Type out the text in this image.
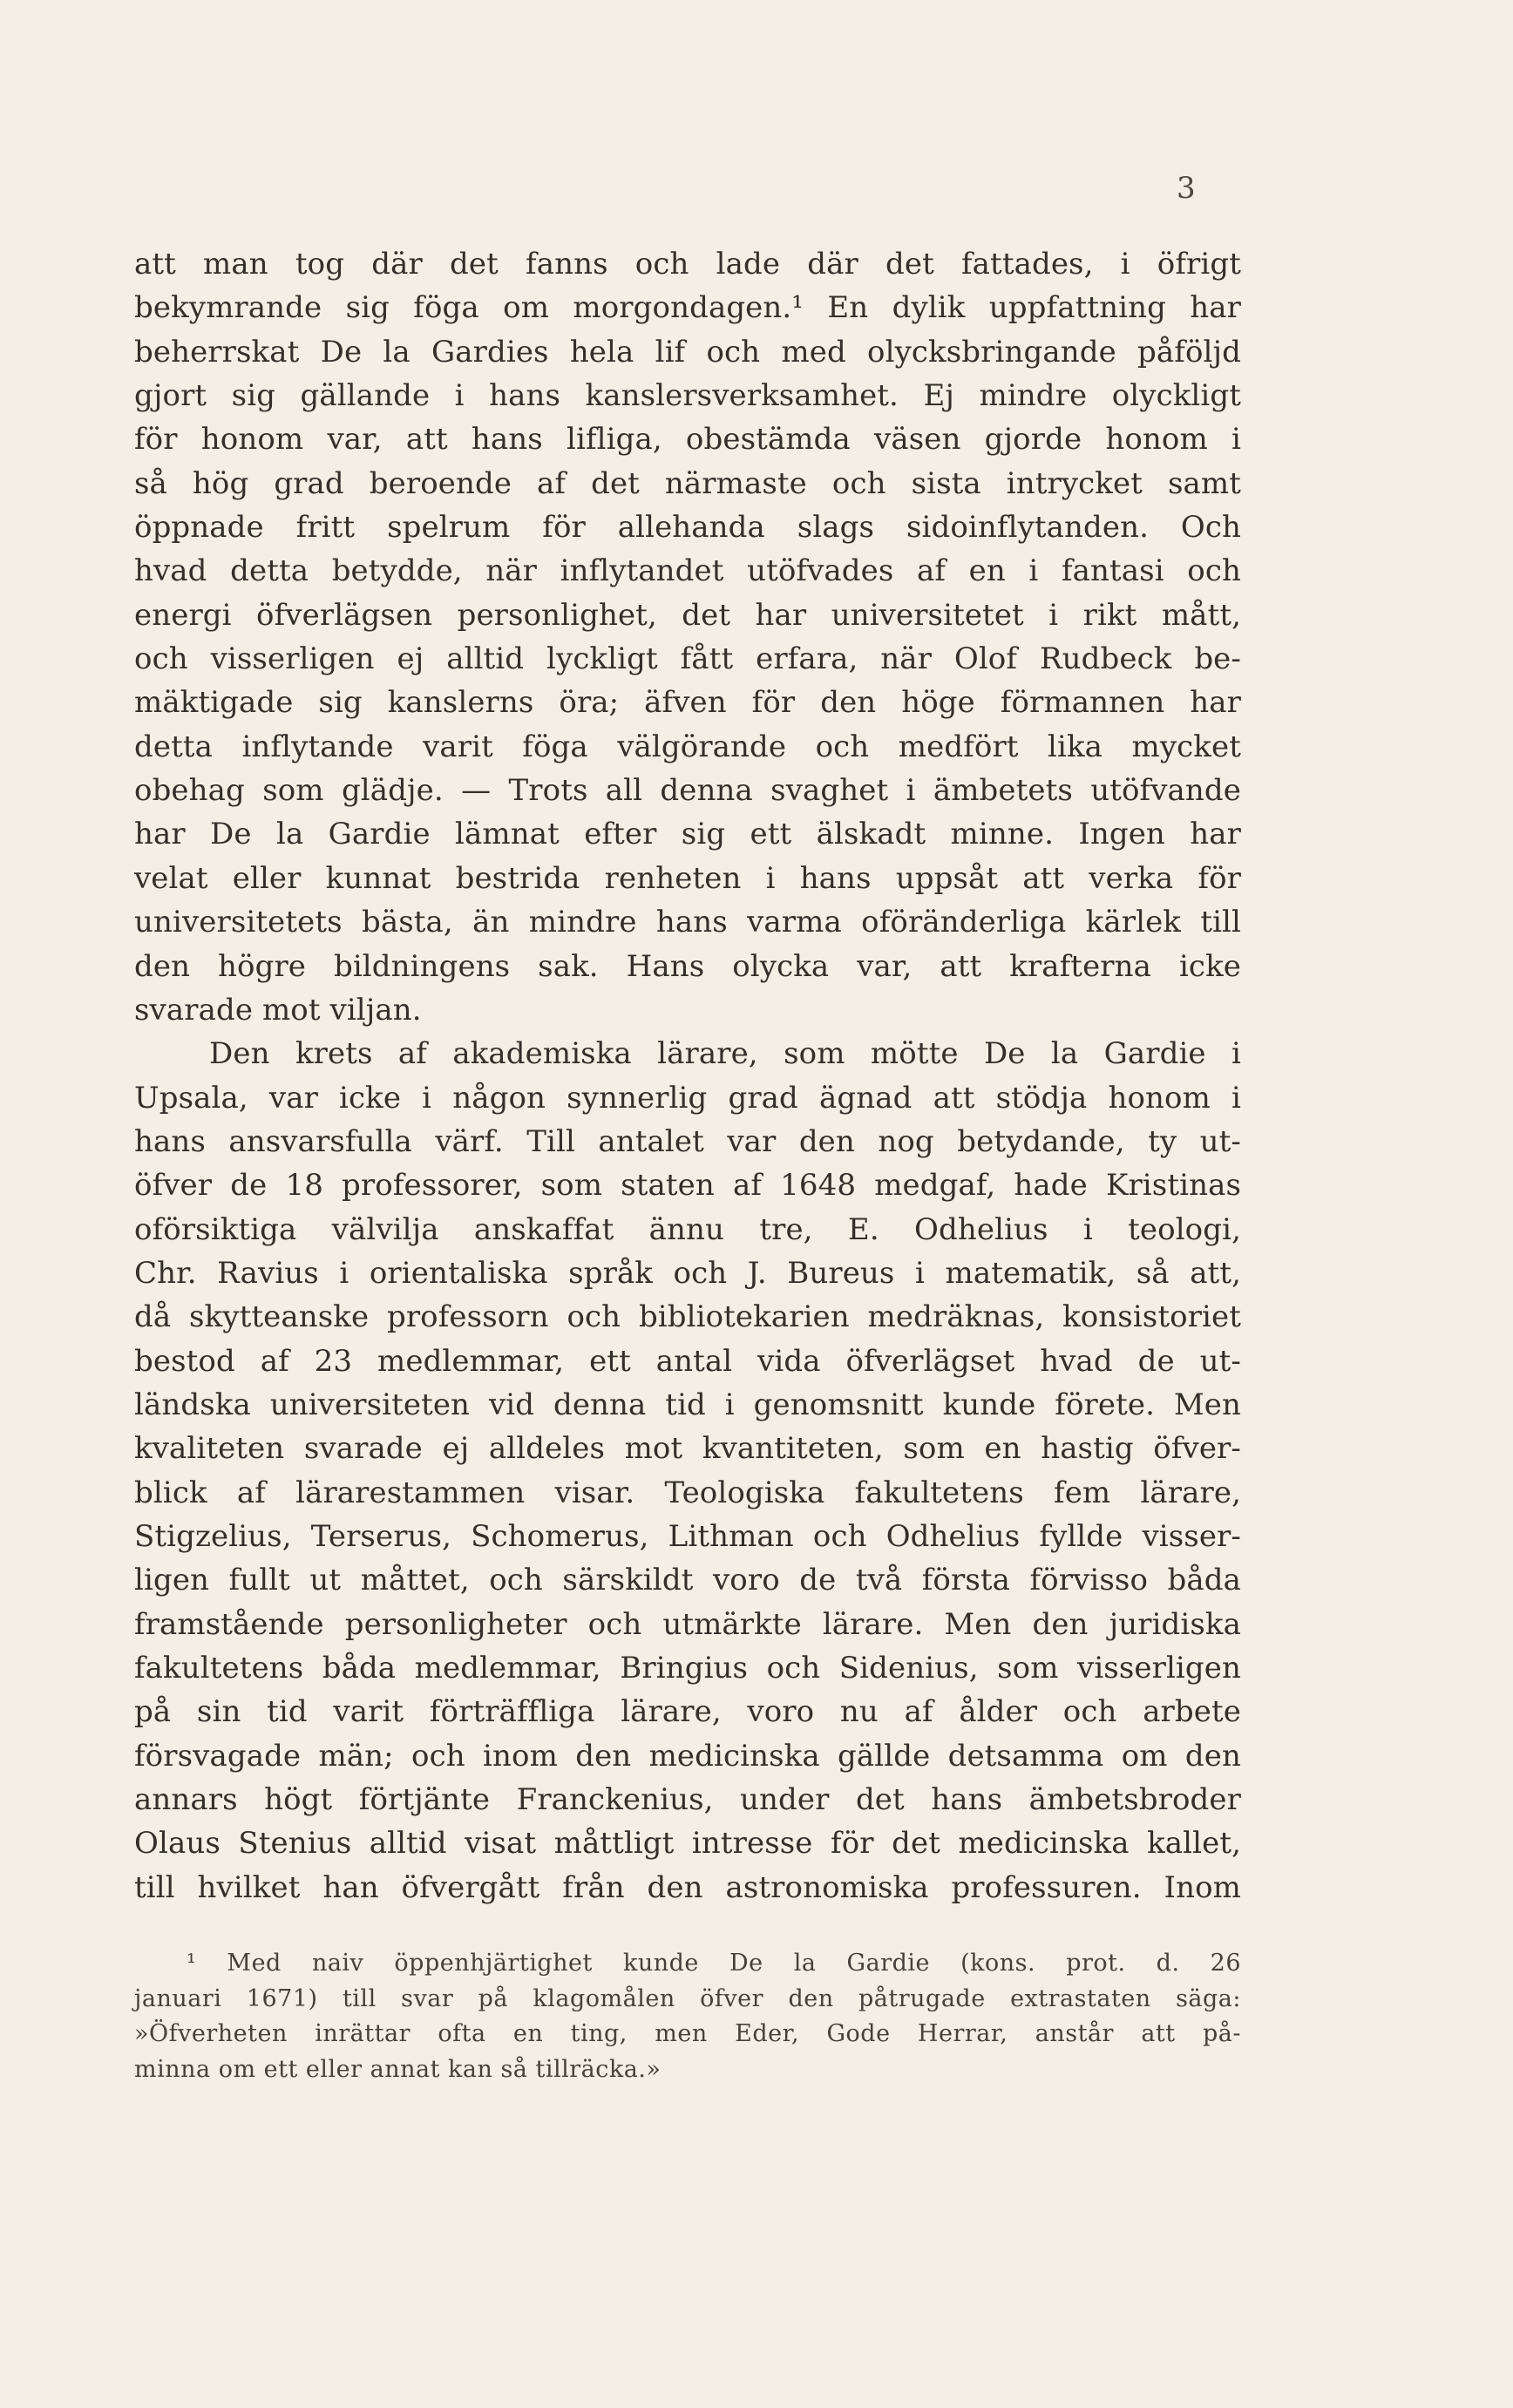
3
att man tog där det fanns och lade där det fattades, i öfrigt
bekymrande sig föga om morgondagen.¹ En dylik uppfattning har
beherrskat De la Gardies hela lif och med olycksbringande påföljd
gjort sig gällande i hans kanslersverksamhet. Ej mindre olyckligt
för honom var, att hans lifliga, obestämda väsen gjorde honom i
så hög grad beroende af det närmaste och sista intrycket samt
öppnade fritt spelrum för allehanda slags sidoinflytanden. Och
hvad detta betydde, när inflytandet utöfvades af en i fantasi och
energi öfverlägsen personlighet, det har universitetet i rikt mått,
och visserligen ej alltid lyckligt fått erfara, när Olof Rudbeck be-
mäktigade sig kanslerns öra; äfven för den höge förmannen har
detta inflytande varit föga välgörande och medfört lika mycket
obehag som glädje. — Trots all denna svaghet i ämbetets utöfvande
har De la Gardie lämnat efter sig ett älskadt minne. Ingen har
velat eller kunnat bestrida renheten i hans uppsåt att verka för
universitetets bästa, än mindre hans varma oföränderliga kärlek till
den högre bildningens sak. Hans olycka var, att krafterna icke
svarade mot viljan.
Den krets af akademiska lärare, som mötte De la Gardie i
Upsala, var icke i någon synnerlig grad ägnad att stödja honom i
hans ansvarsfulla värf. Till antalet var den nog betydande, ty ut-
öfver de 18 professorer, som staten af 1648 medgaf, hade Kristinas
oförsiktiga välvilja anskaffat ännu tre, E. Odhelius i teologi,
Chr. Ravius i orientaliska språk och J. Bureus i matematik, så att,
då skytteanske professorn och bibliotekarien medräknas, konsistoriet
bestod af 23 medlemmar, ett antal vida öfverlägset hvad de ut-
ländska universiteten vid denna tid i genomsnitt kunde förete. Men
kvaliteten svarade ej alldeles mot kvantiteten, som en hastig öfver-
blick af lärarestammen visar. Teologiska fakultetens fem lärare,
Stigzelius, Terserus, Schomerus, Lithman och Odhelius fyllde visser-
ligen fullt ut måttet, och särskildt voro de två första förvisso båda
framstående personligheter och utmärkte lärare. Men den juridiska
fakultetens båda medlemmar, Bringius och Sidenius, som visserligen
på sin tid varit förträffliga lärare, voro nu af ålder och arbete
försvagade män; och inom den medicinska gällde detsamma om den
annars högt förtjänte Franckenius, under det hans ämbetsbroder
Olaus Stenius alltid visat måttligt intresse för det medicinska kallet,
till hvilket han öfvergått från den astronomiska professuren. Inom
¹ Med naiv öppenhjärtighet kunde De la Gardie (kons. prot. d. 26
januari 1671) till svar på klagomålen öfver den påtrugade extrastaten säga:
»Öfverheten inrättar ofta en ting, men Eder, Gode Herrar, anstår att på-
minna om ett eller annat kan så tillräcka.»
